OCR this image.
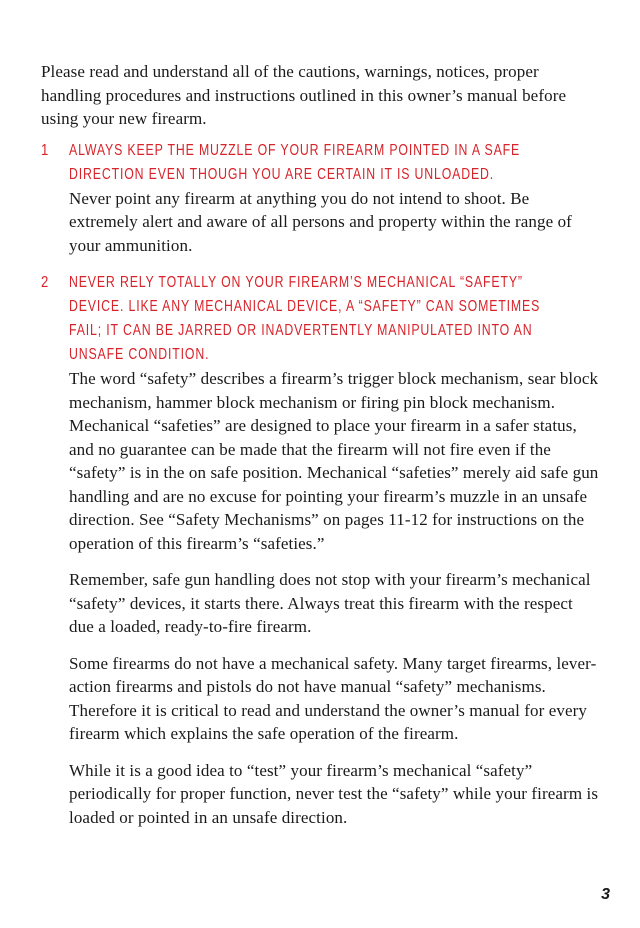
Please read and understand all of the cautions, warnings, notices, proper handling procedures and instructions outlined in this owner’s manual before using your new firearm.

1 ALWAYS KEEP THE MUZZLE OF YOUR FIREARM POINTED IN A SAFE
DIRECTION EVEN THOUGH YOU ARE CERTAIN IT IS UNLOADED.

Never point any firearm at anything you do not intend to shoot. Be extremely alert and aware of all persons and property within the range of your ammunition.

2 NEVER RELY TOTALLY ON YOUR FIREARM’S MECHANICAL “SAFETY”
DEVICE. LIKE ANY MECHANICAL DEVICE, A “SAFETY” CAN SOMETIMES
FAIL; IT CAN BE JARRED OR INADVERTENTLY MANIPULATED INTO AN
UNSAFE CONDITION.

The word “safety” describes a firearm’s trigger block mechanism, sear block mechanism, hammer block mechanism or firing pin block mechanism. Mechanical “safeties” are designed to place your firearm in a safer status, and no guarantee can be made that the firearm will not fire even if the “safety” is in the on safe position. Mechanical “safeties” merely aid safe gun handling and are no excuse for pointing your firearm’s muzzle in an unsafe direction. See “Safety Mechanisms” on pages 11-12 for instructions on the operation of this firearm’s “safeties.”

Remember, safe gun handling does not stop with your firearm’s mechanical “safety” devices, it starts there. Always treat this firearm with the respect due a loaded, ready-to-fire firearm.

Some firearms do not have a mechanical safety. Many target firearms, lever-action firearms and pistols do not have manual “safety” mechanisms. Therefore it is critical to read and understand the owner’s manual for every firearm which explains the safe operation of the firearm.

While it is a good idea to “test” your firearm’s mechanical “safety” periodically for proper function, never test the “safety” while your firearm is loaded or pointed in an unsafe direction.

3
